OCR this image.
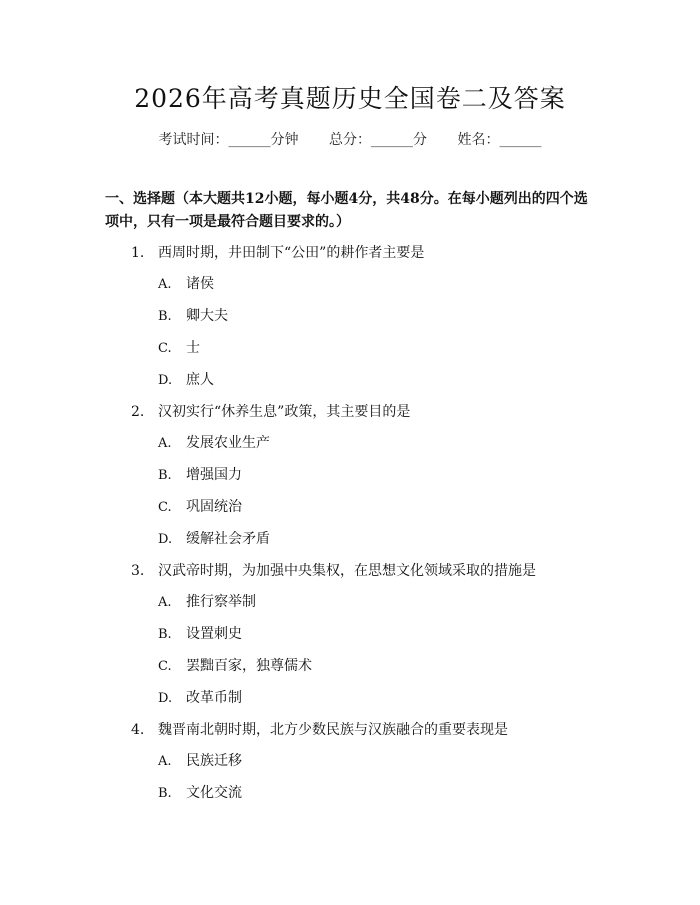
2026年高考真题历史全国卷二及答案
考试时间：______分钟 总分：______分 姓名：______
一、选择题（本大题共12小题，每小题4分，共48分。在每小题列出的四个选项中，只有一项是最符合题目要求的。）
1. 西周时期，井田制下“公田”的耕作者主要是
A. 诸侯
B. 卿大夫
C. 士
D. 庶人
2. 汉初实行“休养生息”政策，其主要目的是
A. 发展农业生产
B. 增强国力
C. 巩固统治
D. 缓解社会矛盾
3. 汉武帝时期，为加强中央集权，在思想文化领域采取的措施是
A. 推行察举制
B. 设置刺史
C. 罢黜百家，独尊儒术
D. 改革币制
4. 魏晋南北朝时期，北方少数民族与汉族融合的重要表现是
A. 民族迁移
B. 文化交流
